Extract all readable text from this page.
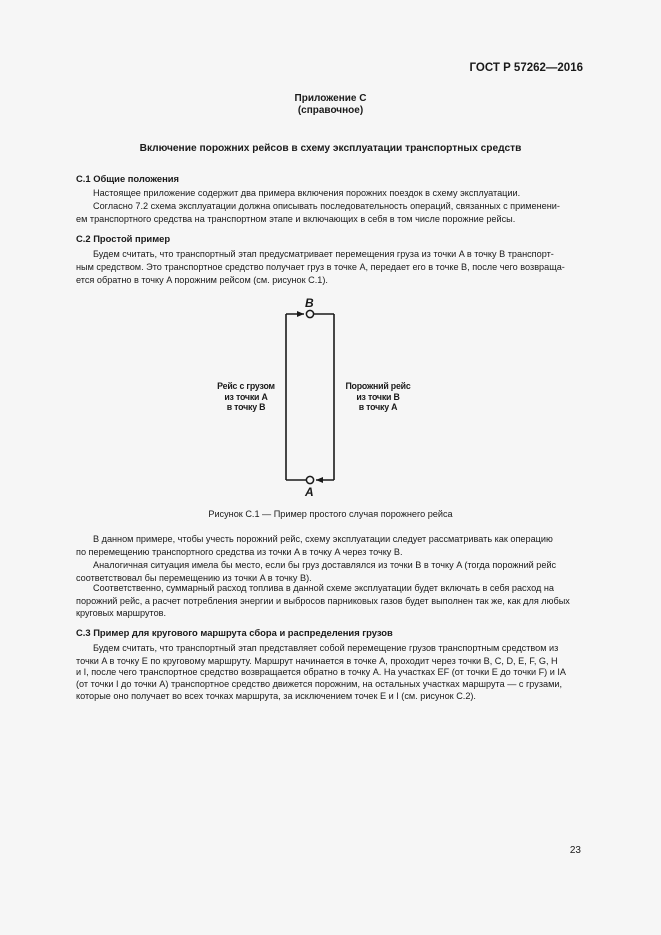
ГОСТ Р 57262—2016
Приложение С
(справочное)
Включение порожних рейсов в схему эксплуатации транспортных средств
С.1 Общие положения
Настоящее приложение содержит два примера включения порожних поездок в схему эксплуатации.
Согласно 7.2 схема эксплуатации должна описывать последовательность операций, связанных с применени-
ем транспортного средства на транспортном этапе и включающих в себя в том числе порожние рейсы.
С.2 Простой пример
Будем считать, что транспортный этап предусматривает перемещения груза из точки A в точку B транспорт-
ным средством. Это транспортное средство получает груз в точке A, передает его в точке B, после чего возвраща-
ется обратно в точку A порожним рейсом (см. рисунок С.1).
B
A
Рейс с грузом
из точки A
в точку B
Порожний рейс
из точки B
в точку A
Рисунок С.1 — Пример простого случая порожнего рейса
В данном примере, чтобы учесть порожний рейс, схему эксплуатации следует рассматривать как операцию
по перемещению транспортного средства из точки A в точку A через точку B.
Аналогичная ситуация имела бы место, если бы груз доставлялся из точки B в точку A (тогда порожний рейс
соответствовал бы перемещению из точки A в точку B).
Соответственно, суммарный расход топлива в данной схеме эксплуатации будет включать в себя расход на
порожний рейс, а расчет потребления энергии и выбросов парниковых газов будет выполнен так же, как для любых
круговых маршрутов.
С.3 Пример для кругового маршрута сбора и распределения грузов
Будем считать, что транспортный этап представляет собой перемещение грузов транспортным средством из
точки A в точку E по круговому маршруту. Маршрут начинается в точке A, проходит через точки B, C, D, E, F, G, H
и I, после чего транспортное средство возвращается обратно в точку A. На участках EF (от точки E до точки F) и IA
(от точки I до точки A) транспортное средство движется порожним, на остальных участках маршрута — с грузами,
которые оно получает во всех точках маршрута, за исключением точек E и I (см. рисунок С.2).
23
